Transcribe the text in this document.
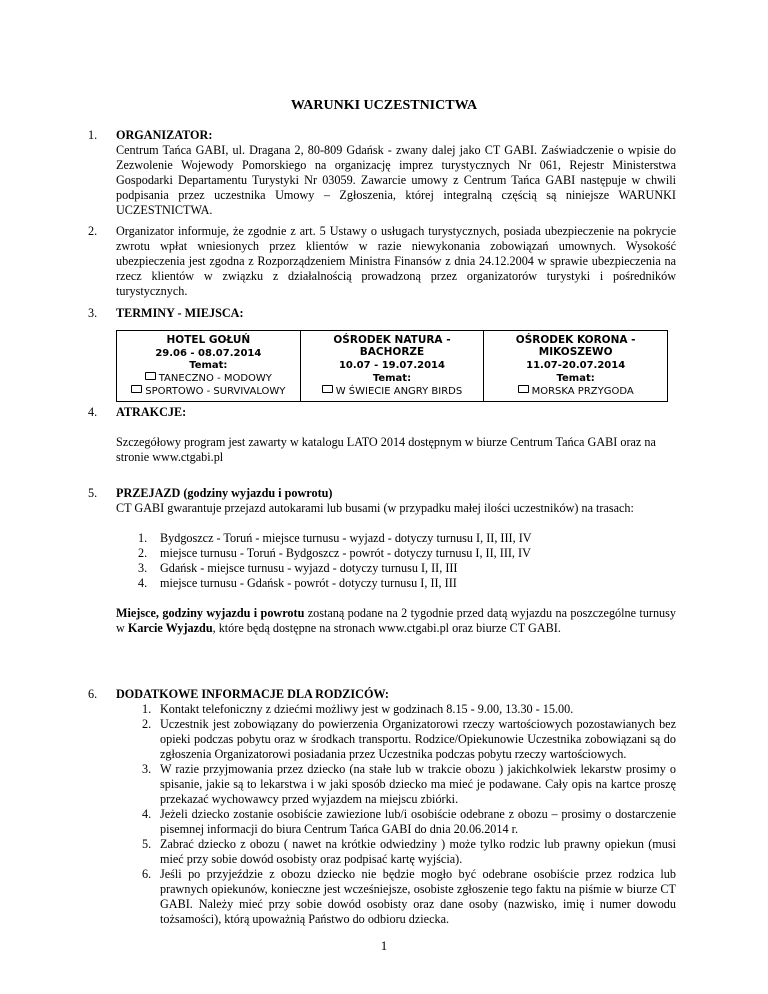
WARUNKI UCZESTNICTWA
1. ORGANIZATOR:

Centrum Tańca GABI, ul. Dragana 2, 80-809 Gdańsk - zwany dalej jako CT GABI. Zaświadczenie o wpisie do Zezwolenie Wojewody Pomorskiego na organizację imprez turystycznych Nr 061, Rejestr Ministerstwa Gospodarki Departamentu Turystyki Nr 03059. Zawarcie umowy z Centrum Tańca GABI następuje w chwili podpisania przez uczestnika Umowy – Zgłoszenia, której integralną częścią są niniejsze WARUNKI UCZESTNICTWA.

2. Organizator informuje, że zgodnie z art. 5 Ustawy o usługach turystycznych, posiada ubezpieczenie na pokrycie zwrotu wpłat wniesionych przez klientów w razie niewykonania zobowiązań umownych. Wysokość ubezpieczenia jest zgodna z Rozporządzeniem Ministra Finansów z dnia 24.12.2004 w sprawie ubezpieczenia na rzecz klientów w związku z działalnością prowadzoną przez organizatorów turystyki i pośredników turystycznych.

3. TERMINY - MIEJSCA:

HOTEL GOŁUŃ
29.06 - 08.07.2014
Temat:
TANECZNO - MODOWY
SPORTOWO - SURVIVALOWY

OŚRODEK NATURA - BACHORZE
10.07 - 19.07.2014
Temat:
W ŚWIECIE ANGRY BIRDS

OŚRODEK KORONA - MIKOSZEWO
11.07-20.07.2014
Temat:
MORSKA PRZYGODA
4. ATRAKCJE:

Szczegółowy program jest zawarty w katalogu LATO 2014 dostępnym w biurze Centrum Tańca GABI oraz na stronie www.ctgabi.pl

5. PRZEJAZD (godziny wyjazdu i powrotu)

CT GABI gwarantuje przejazd autokarami lub busami (w przypadku małej ilości uczestników) na trasach:

1. Bydgoszcz - Toruń - miejsce turnusu - wyjazd - dotyczy turnusu I, II, III, IV
2. miejsce turnusu - Toruń - Bydgoszcz - powrót - dotyczy turnusu I, II, III, IV
3. Gdańsk - miejsce turnusu - wyjazd - dotyczy turnusu I, II, III
4. miejsce turnusu - Gdańsk - powrót - dotyczy turnusu I, II, III

Miejsce, godziny wyjazdu i powrotu zostaną podane na 2 tygodnie przed datą wyjazdu na poszczególne turnusy w Karcie Wyjazdu, które będą dostępne na stronach www.ctgabi.pl oraz biurze CT GABI.

6. DODATKOWE INFORMACJE DLA RODZICÓW:

1. Kontakt telefoniczny z dziećmi możliwy jest w godzinach 8.15 - 9.00, 13.30 - 15.00.
2. Uczestnik jest zobowiązany do powierzenia Organizatorowi rzeczy wartościowych pozostawianych bez opieki podczas pobytu oraz w środkach transportu. Rodzice/Opiekunowie Uczestnika zobowiązani są do zgłoszenia Organizatorowi posiadania przez Uczestnika podczas pobytu rzeczy wartościowych.
3. W razie przyjmowania przez dziecko (na stałe lub w trakcie obozu ) jakichkolwiek lekarstw prosimy o spisanie, jakie są to lekarstwa i w jaki sposób dziecko ma mieć je podawane. Cały opis na kartce proszę przekazać wychowawcy przed wyjazdem na miejscu zbiórki.
4. Jeżeli dziecko zostanie osobiście zawiezione lub/i osobiście odebrane z obozu – prosimy o dostarczenie pisemnej informacji do biura Centrum Tańca GABI do dnia 20.06.2014 r.
5. Zabrać dziecko z obozu ( nawet na krótkie odwiedziny ) może tylko rodzic lub prawny opiekun (musi mieć przy sobie dowód osobisty oraz podpisać kartę wyjścia).
6. Jeśli po przyjeździe z obozu dziecko nie będzie mogło być odebrane osobiście przez rodzica lub prawnych opiekunów, konieczne jest wcześniejsze, osobiste zgłoszenie tego faktu na piśmie w biurze CT GABI. Należy mieć przy sobie dowód osobisty oraz dane osoby (nazwisko, imię i numer dowodu tożsamości), którą upoważnią Państwo do odbioru dziecka.
1
